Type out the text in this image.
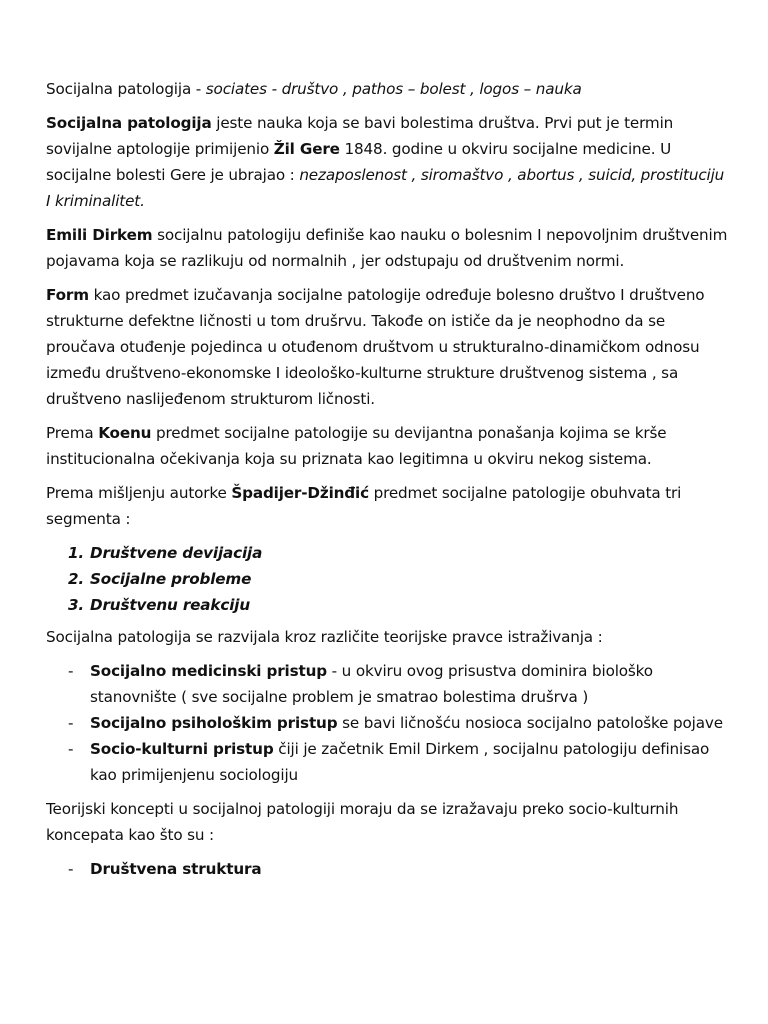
Socijalna patologija - sociates - društvo , pathos – bolest , logos – nauka

Socijalna patologija jeste nauka koja se bavi bolestima društva. Prvi put je termin sovijalne aptologije primijenio Žil Gere 1848. godine u okviru socijalne medicine. U socijalne bolesti Gere je ubrajao : nezaposlenost , siromaštvo , abortus , suicid, prostituciju I kriminalitet.

Emili Dirkem socijalnu patologiju definiše kao nauku o bolesnim I nepovoljnim društvenim pojavama koja se razlikuju od normalnih , jer odstupaju od društvenim normi.

Form kao predmet izučavanja socijalne patologije određuje bolesno društvo I društveno strukturne defektne ličnosti u tom drušrvu. Takođe on ističe da je neophodno da se proučava otuđenje pojedinca u otuđenom društvom u strukturalno-dinamičkom odnosu između društveno-ekonomske I ideološko-kulturne strukture društvenog sistema , sa društveno naslijeđenom strukturom ličnosti.

Prema Koenu predmet socijalne patologije su devijantna ponašanja kojima se krše institucionalna očekivanja koja su priznata kao legitimna u okviru nekog sistema.

Prema mišljenju autorke Špadijer-Džinđić predmet socijalne patologije obuhvata tri segmenta :

1. Društvene devijacija
2. Socijalne probleme
3. Društvenu reakciju

Socijalna patologija se razvijala kroz različite teorijske pravce istraživanja :

- Socijalno medicinski pristup - u okviru ovog prisustva dominira biološko stanovnište ( sve socijalne problem je smatrao bolestima drušrva )
- Socijalno psihološkim pristup se bavi ličnošću nosioca socijalno patološke pojave
- Socio-kulturni pristup čiji je začetnik Emil Dirkem , socijalnu patologiju definisao kao primijenjenu sociologiju

Teorijski koncepti u socijalnoj patologiji moraju da se izražavaju preko socio-kulturnih koncepata kao što su :

- Društvena struktura
